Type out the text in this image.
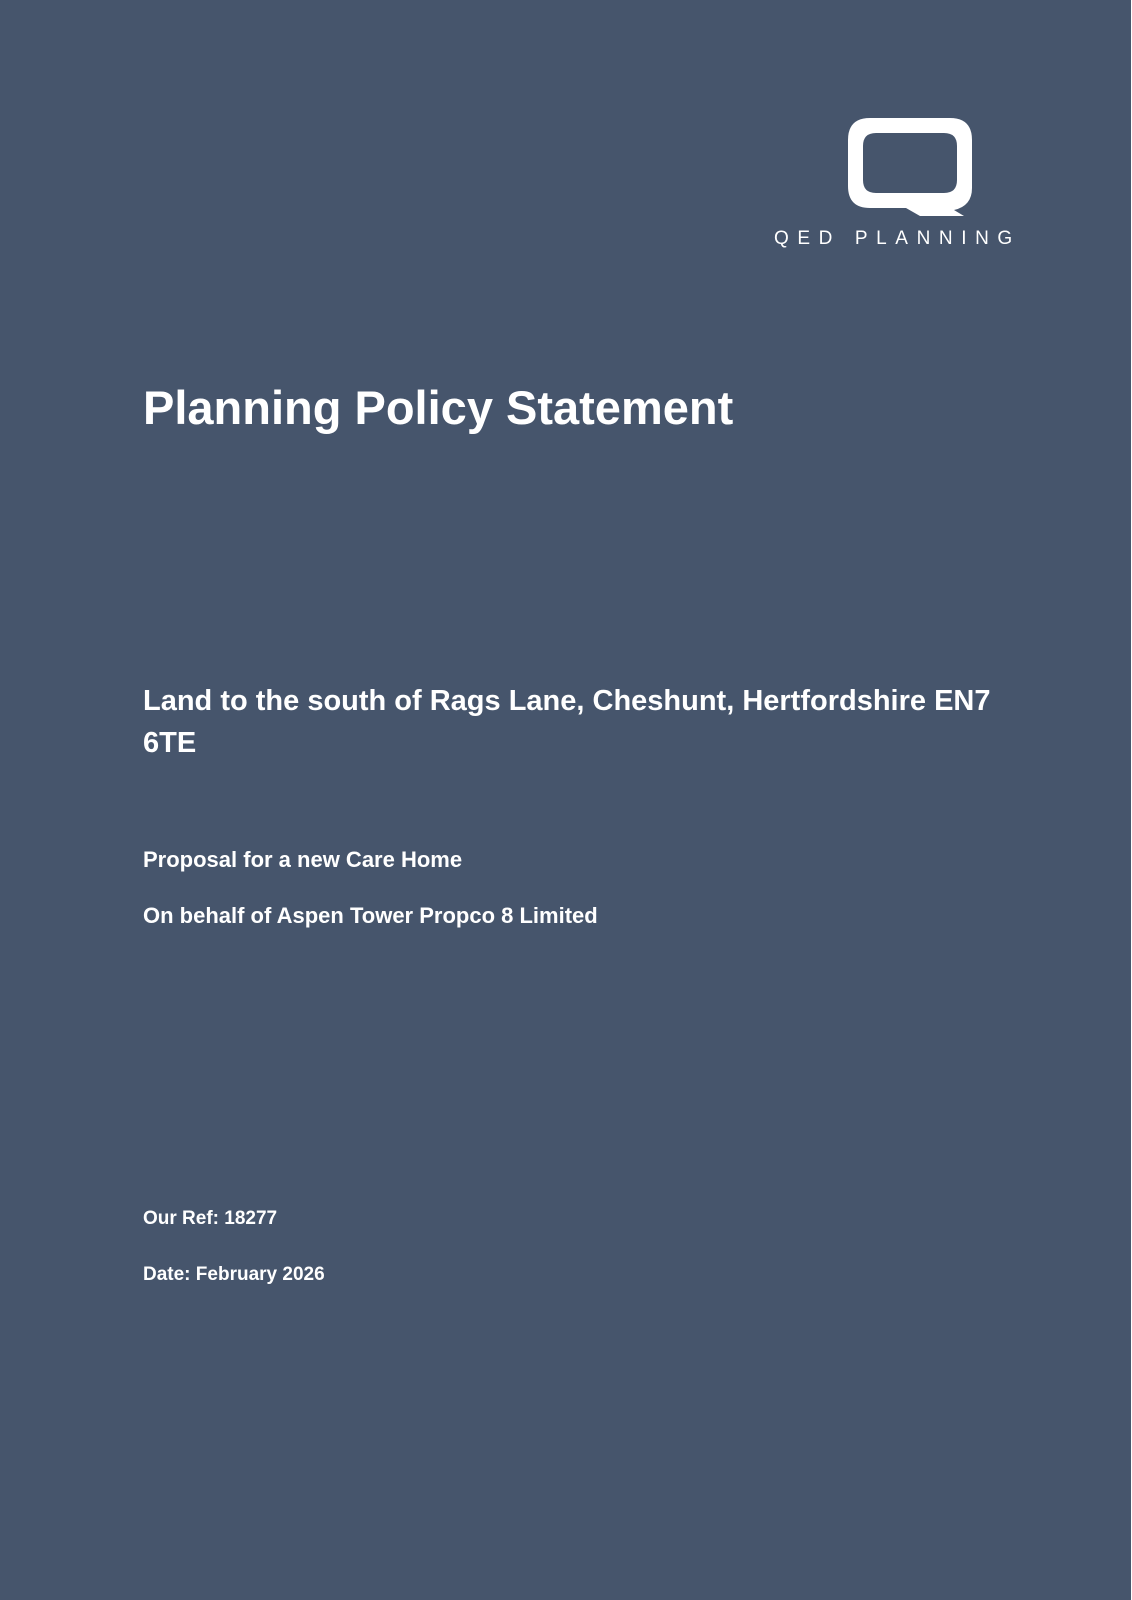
QED PLANNING
Planning Policy Statement
Land to the south of Rags Lane, Cheshunt, Hertfordshire EN7 6TE

Proposal for a new Care Home

On behalf of Aspen Tower Propco 8 Limited

Our Ref: 18277

Date: February 2026
